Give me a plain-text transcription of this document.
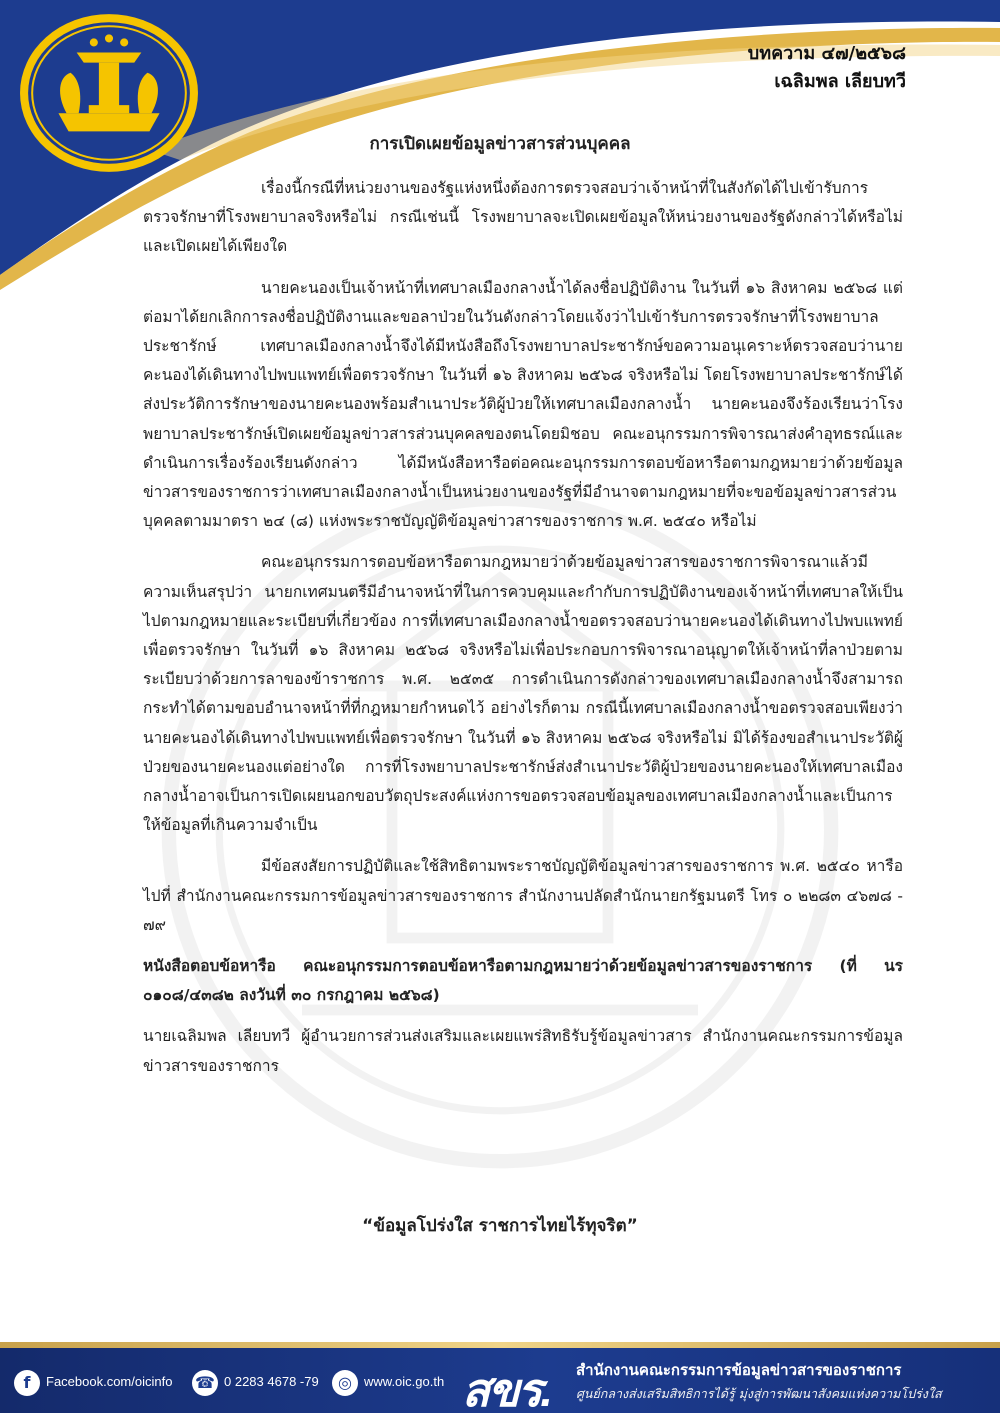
บทความ ๔๗/๒๕๖๘
เฉลิมพล เลียบทวี
การเปิดเผยข้อมูลข่าวสารส่วนบุคคล

เรื่องนี้กรณีที่หน่วยงานของรัฐแห่งหนึ่งต้องการตรวจสอบว่าเจ้าหน้าที่ในสังกัดได้ไปเข้ารับการตรวจรักษาที่โรงพยาบาลจริงหรือไม่ กรณีเช่นนี้ โรงพยาบาลจะเปิดเผยข้อมูลให้หน่วยงานของรัฐดังกล่าวได้หรือไม่ และเปิดเผยได้เพียงใด

นายคะนองเป็นเจ้าหน้าที่เทศบาลเมืองกลางน้ำได้ลงชื่อปฏิบัติงาน ในวันที่ ๑๖ สิงหาคม ๒๕๖๘ แต่ต่อมาได้ยกเลิกการลงชื่อปฏิบัติงานและขอลาป่วยในวันดังกล่าวโดยแจ้งว่าไปเข้ารับการตรวจรักษาที่โรงพยาบาลประชารักษ์ เทศบาลเมืองกลางน้ำจึงได้มีหนังสือถึงโรงพยาบาลประชารักษ์ขอความอนุเคราะห์ตรวจสอบว่านายคะนองได้เดินทางไปพบแพทย์เพื่อตรวจรักษา ในวันที่ ๑๖ สิงหาคม ๒๕๖๘ จริงหรือไม่ โดยโรงพยาบาลประชารักษ์ได้ส่งประวัติการรักษาของนายคะนองพร้อมสำเนาประวัติผู้ป่วยให้เทศบาลเมืองกลางน้ำ นายคะนองจึงร้องเรียนว่าโรงพยาบาลประชารักษ์เปิดเผยข้อมูลข่าวสารส่วนบุคคลของตนโดยมิชอบ คณะอนุกรรมการพิจารณาส่งคำอุทธรณ์และดำเนินการเรื่องร้องเรียนดังกล่าว ได้มีหนังสือหารือต่อคณะอนุกรรมการตอบข้อหารือตามกฎหมายว่าด้วยข้อมูลข่าวสารของราชการว่าเทศบาลเมืองกลางน้ำเป็นหน่วยงานของรัฐที่มีอำนาจตามกฎหมายที่จะขอข้อมูลข่าวสารส่วนบุคคลตามมาตรา ๒๔ (๘) แห่งพระราชบัญญัติข้อมูลข่าวสารของราชการ พ.ศ. ๒๕๔๐ หรือไม่

คณะอนุกรรมการตอบข้อหารือตามกฎหมายว่าด้วยข้อมูลข่าวสารของราชการพิจารณาแล้วมีความเห็นสรุปว่า นายกเทศมนตรีมีอำนาจหน้าที่ในการควบคุมและกำกับการปฏิบัติงานของเจ้าหน้าที่เทศบาลให้เป็นไปตามกฎหมายและระเบียบที่เกี่ยวข้อง การที่เทศบาลเมืองกลางน้ำขอตรวจสอบว่านายคะนองได้เดินทางไปพบแพทย์เพื่อตรวจรักษา ในวันที่ ๑๖ สิงหาคม ๒๕๖๘ จริงหรือไม่เพื่อประกอบการพิจารณาอนุญาตให้เจ้าหน้าที่ลาป่วยตามระเบียบว่าด้วยการลาของข้าราชการ พ.ศ. ๒๕๓๕ การดำเนินการดังกล่าวของเทศบาลเมืองกลางน้ำจึงสามารถกระทำได้ตามขอบอำนาจหน้าที่ที่กฎหมายกำหนดไว้ อย่างไรก็ตาม กรณีนี้เทศบาลเมืองกลางน้ำขอตรวจสอบเพียงว่านายคะนองได้เดินทางไปพบแพทย์เพื่อตรวจรักษา ในวันที่ ๑๖ สิงหาคม ๒๕๖๘ จริงหรือไม่ มิได้ร้องขอสำเนาประวัติผู้ป่วยของนายคะนองแต่อย่างใด การที่โรงพยาบาลประชารักษ์ส่งสำเนาประวัติผู้ป่วยของนายคะนองให้เทศบาลเมืองกลางน้ำอาจเป็นการเปิดเผยนอกขอบวัตถุประสงค์แห่งการขอตรวจสอบข้อมูลของเทศบาลเมืองกลางน้ำและเป็นการให้ข้อมูลที่เกินความจำเป็น

มีข้อสงสัยการปฏิบัติและใช้สิทธิตามพระราชบัญญัติข้อมูลข่าวสารของราชการ พ.ศ. ๒๕๔๐ หารือไปที่ สำนักงานคณะกรรมการข้อมูลข่าวสารของราชการ สำนักงานปลัดสำนักนายกรัฐมนตรี โทร ๐ ๒๒๘๓ ๔๖๗๘ - ๗๙

หนังสือตอบข้อหารือ คณะอนุกรรมการตอบข้อหารือตามกฎหมายว่าด้วยข้อมูลข่าวสารของราชการ (ที่ นร ๐๑๐๘/๔๓๘๒ ลงวันที่ ๓๐ กรกฎาคม ๒๕๖๘)

นายเฉลิมพล เลียบทวี ผู้อำนวยการส่วนส่งเสริมและเผยแพร่สิทธิรับรู้ข้อมูลข่าวสาร สำนักงานคณะกรรมการข้อมูลข่าวสารของราชการ

“ข้อมูลโปร่งใส ราชการไทยไร้ทุจริต”
f	Facebook.com/oicinfo ☎ 0 2283 4678 -79	◎ www.oic.go.th สขร. สำนักงานคณะกรรมการข้อมูลข่าวสารของราชการ
ศูนย์กลางส่งเสริมสิทธิการได้รู้ มุ่งสู่การพัฒนาสังคมแห่งความโปร่งใส
